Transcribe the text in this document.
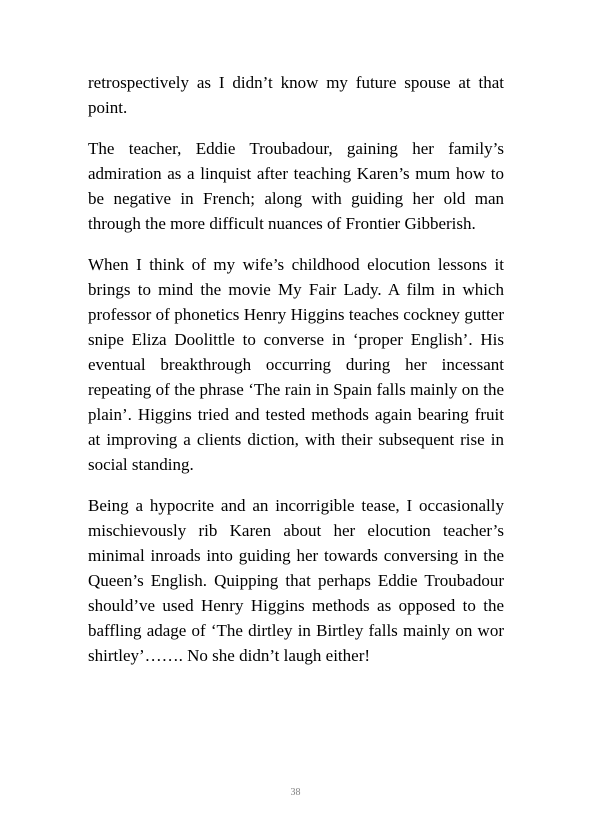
retrospectively as I didn’t know my future spouse at that point.

The teacher, Eddie Troubadour, gaining her family’s admiration as a linquist after teaching Karen’s mum how to be negative in French; along with guiding her old man through the more difficult nuances of Frontier Gibberish.

When I think of my wife’s childhood elocution lessons it brings to mind the movie My Fair Lady. A film in which professor of phonetics Henry Higgins teaches cockney gutter snipe Eliza Doolittle to converse in ‘proper English’. His eventual breakthrough occurring during her incessant repeating of the phrase ‘The rain in Spain falls mainly on the plain’. Higgins tried and tested methods again bearing fruit at improving a clients diction, with their subsequent rise in social standing.

Being a hypocrite and an incorrigible tease, I occasionally mischievously rib Karen about her elocution teacher’s minimal inroads into guiding her towards conversing in the Queen’s English. Quipping that perhaps Eddie Troubadour should’ve used Henry Higgins methods as opposed to the baffling adage of ‘The dirtley in Birtley falls mainly on wor shirtley’……. No she didn’t laugh either!

38
